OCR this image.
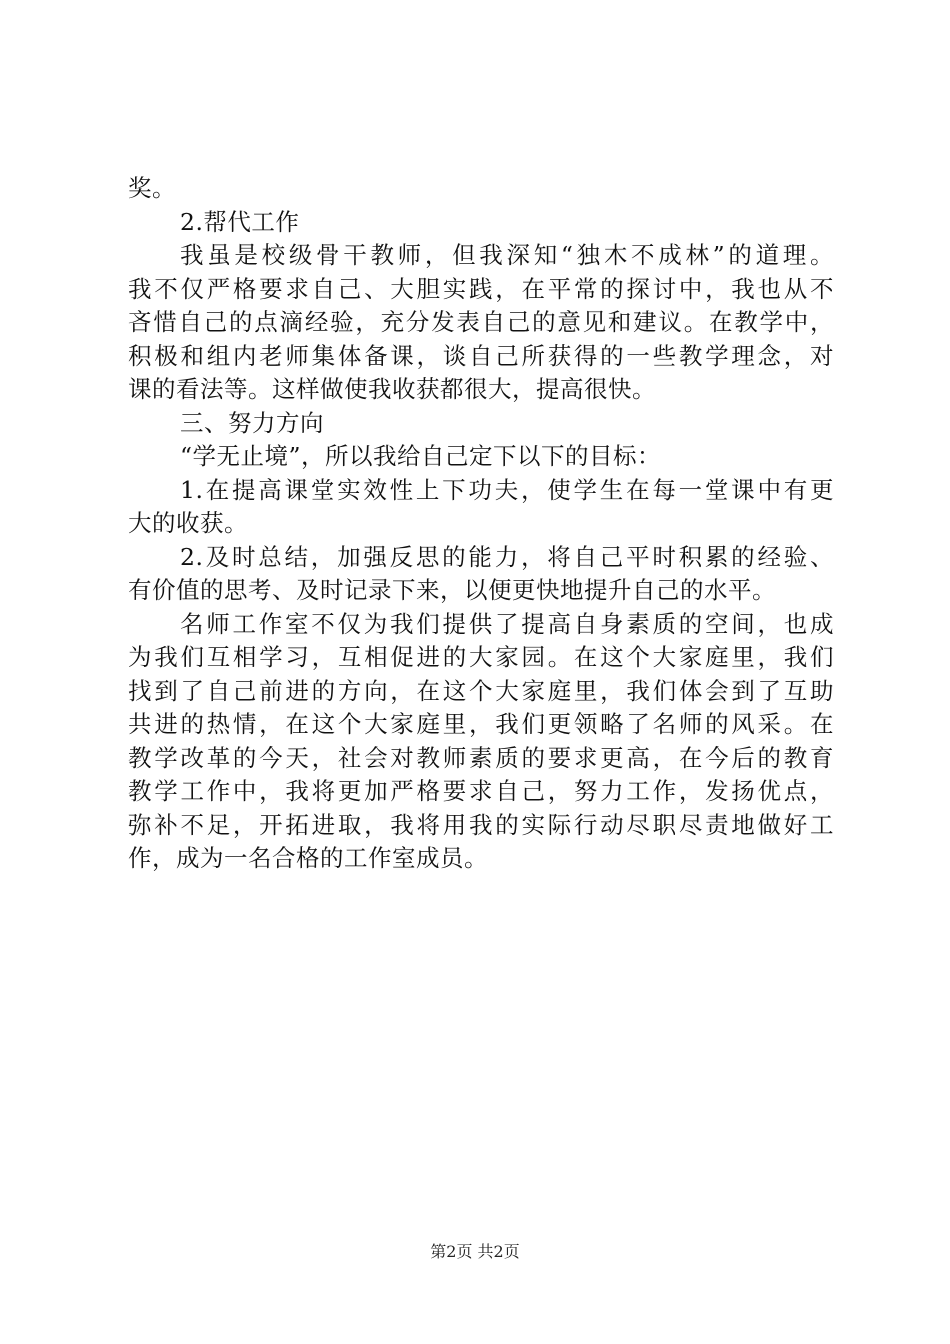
奖。
2.帮代工作
我虽是校级骨干教师，但我深知“独木不成林”的道理。
我不仅严格要求自己、大胆实践，在平常的探讨中，我也从不
吝惜自己的点滴经验，充分发表自己的意见和建议。在教学中，
积极和组内老师集体备课，谈自己所获得的一些教学理念，对
课的看法等。这样做使我收获都很大，提高很快。
三、努力方向
“学无止境”，所以我给自己定下以下的目标：
1.在提高课堂实效性上下功夫，使学生在每一堂课中有更
大的收获。
2.及时总结，加强反思的能力，将自己平时积累的经验、
有价值的思考、及时记录下来，以便更快地提升自己的水平。
名师工作室不仅为我们提供了提高自身素质的空间，也成
为我们互相学习，互相促进的大家园。在这个大家庭里，我们
找到了自己前进的方向，在这个大家庭里，我们体会到了互助
共进的热情，在这个大家庭里，我们更领略了名师的风采。在
教学改革的今天，社会对教师素质的要求更高，在今后的教育
教学工作中，我将更加严格要求自己，努力工作，发扬优点，
弥补不足，开拓进取，我将用我的实际行动尽职尽责地做好工
作，成为一名合格的工作室成员。
第2页 共2页
